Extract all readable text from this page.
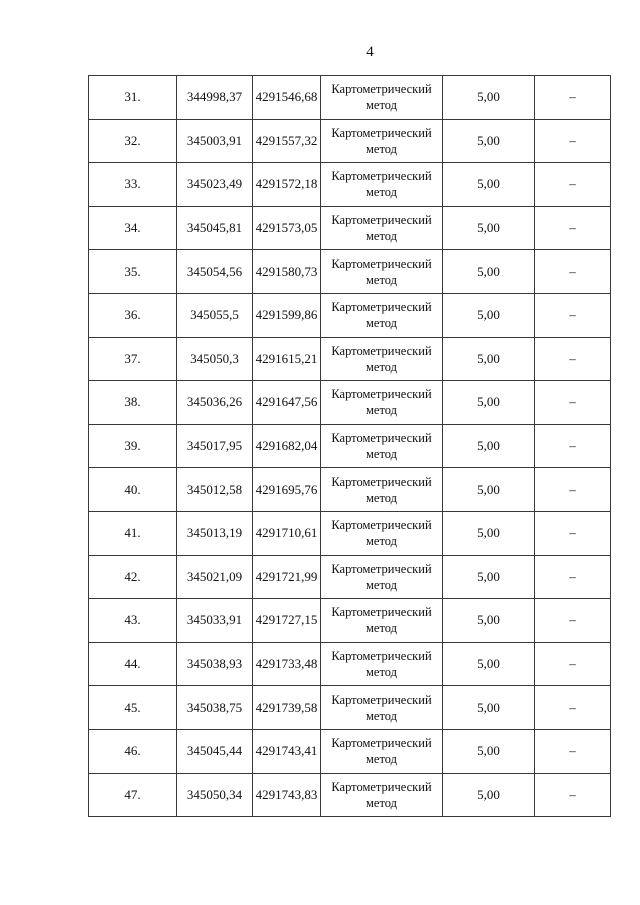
4
31.	344998,37	4291546,68	Картометрический
метод	5,00	–
32.	345003,91	4291557,32	Картометрический
метод	5,00	–
33.	345023,49	4291572,18	Картометрический
метод	5,00	–
34.	345045,81	4291573,05	Картометрический
метод	5,00	–
35.	345054,56	4291580,73	Картометрический
метод	5,00	–
36.	345055,5	4291599,86	Картометрический
метод	5,00	–
37.	345050,3	4291615,21	Картометрический
метод	5,00	–
38.	345036,26	4291647,56	Картометрический
метод	5,00	–
39.	345017,95	4291682,04	Картометрический
метод	5,00	–
40.	345012,58	4291695,76	Картометрический
метод	5,00	–
41.	345013,19	4291710,61	Картометрический
метод	5,00	–
42.	345021,09	4291721,99	Картометрический
метод	5,00	–
43.	345033,91	4291727,15	Картометрический
метод	5,00	–
44.	345038,93	4291733,48	Картометрический
метод	5,00	–
45.	345038,75	4291739,58	Картометрический
метод	5,00	–
46.	345045,44	4291743,41	Картометрический
метод	5,00	–
47.	345050,34	4291743,83	Картометрический
метод	5,00	–
